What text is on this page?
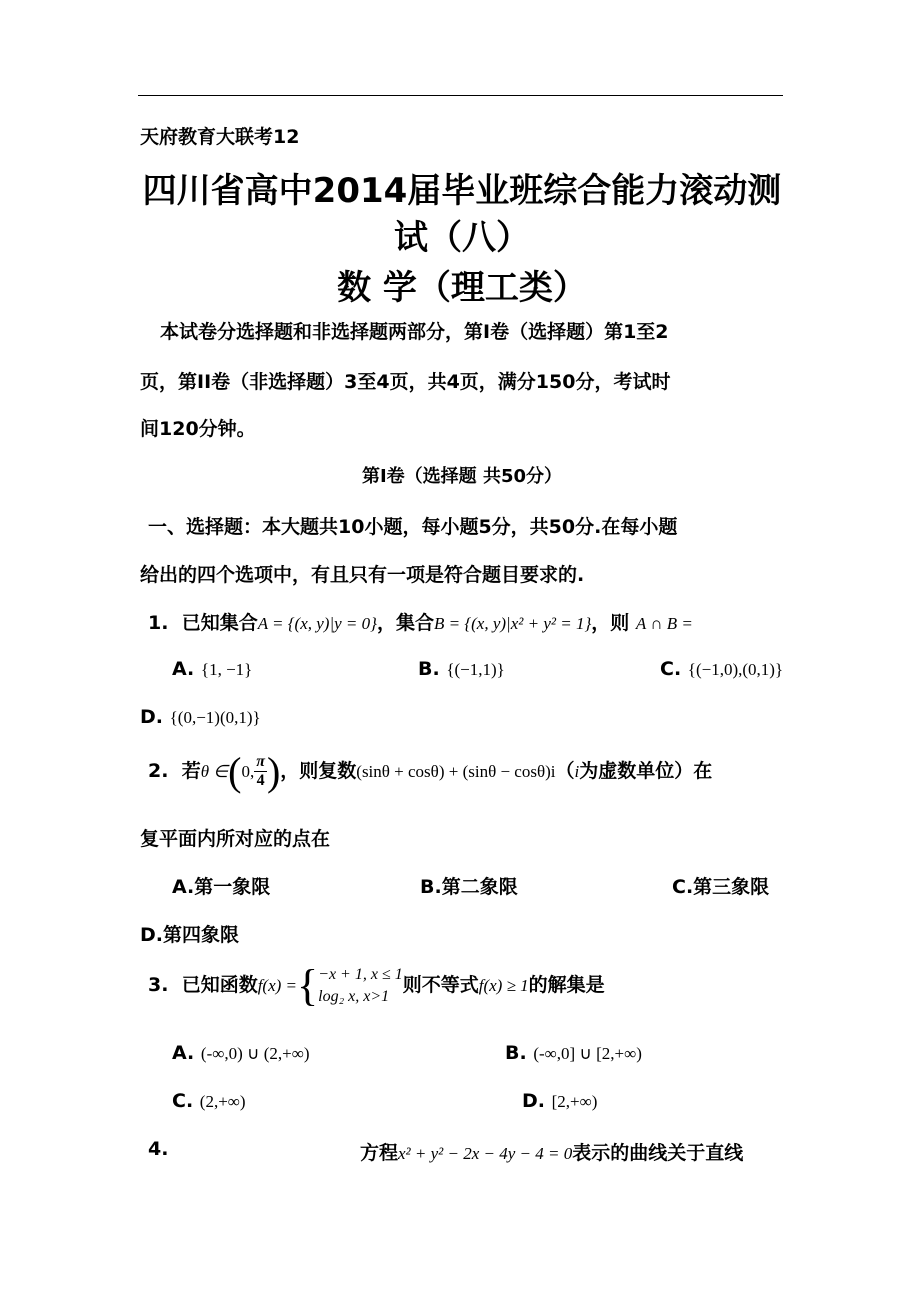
天府教育大联考12
四川省高中2014届毕业班综合能力滚动测
试（八）
数 学（理工类）
本试卷分选择题和非选择题两部分，第Ⅰ卷（选择题）第1至2
页，第II卷（非选择题）3至4页，共4页，满分150分，考试时
间120分钟。
第Ⅰ卷（选择题 共50分）
一、选择题：本大题共10小题，每小题5分，共50分.在每小题
给出的四个选项中，有且只有一项是符合题目要求的.
1. 已知集合A = {(x, y)|y = 0}，集合B = {(x, y)|x² + y² = 1}，则 A ∩ B =
A. {1, −1}	B. {(−1,1)}	C. {(−1,0),(0,1)}
D. {(0,−1)(0,1)}
2. 若θ ∈(0, $\frac{\pi}{4}$ )，则复数(sinθ + cosθ) + (sinθ − cosθ)i（i为虚数单位）在
复平面内所对应的点在
A.第一象限	B.第二象限	C.第三象限
D.第四象限
3. 已知函数f(x) ={ −x + 1, x ≤ 1
log₂ x, x>1 则不等式f(x) ≥ 1的解集是
A. (-∞,0) ∪ (2,+∞)	B. (-∞,0] ∪ [2,+∞)
C. (2,+∞)	D. [2,+∞)
4.	方程x² + y² − 2x − 4y − 4 = 0表示的曲线关于直线
